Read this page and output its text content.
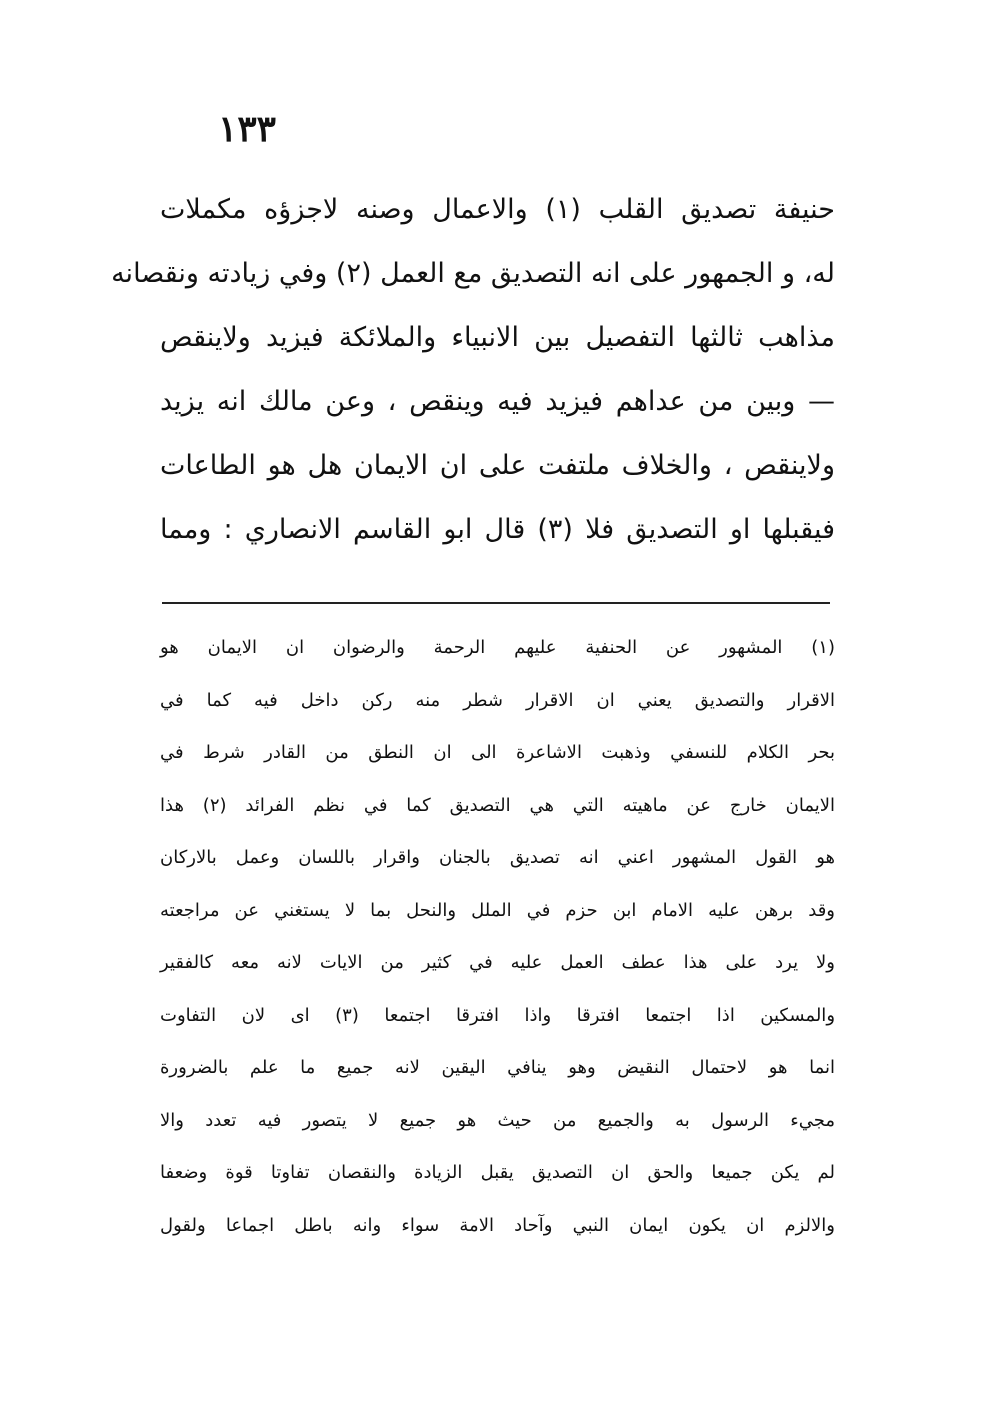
١٣٣
حنيفة تصديق القلب (١) والاعمال وصنه لاجزؤه مكملات
له، و الجمهور على انه التصديق مع العمل (٢) وفي زيادته ونقصانه
مذاهب ثالثها التفصيل بين الانبياء والملائكة فيزيد ولاينقص
— وبين من عداهم فيزيد فيه وينقص ، وعن مالك انه يزيد
ولاينقص ، والخلاف ملتفت على ان الايمان هل هو الطاعات
فيقبلها او التصديق فلا (٣) قال ابو القاسم الانصاري : ومما
(١) المشهور عن الحنفية عليهم الرحمة والرضوان ان الايمان هو
الاقرار والتصديق يعني ان الاقرار شطر منه ركن داخل فيه كما في
بحر الكلام للنسفي وذهبت الاشاعرة الى ان النطق من القادر شرط في
الايمان خارج عن ماهيته التي هي التصديق كما في نظم الفرائد (٢) هذا
هو القول المشهور اعني انه تصديق بالجنان واقرار باللسان وعمل بالاركان
وقد برهن عليه الامام ابن حزم في الملل والنحل بما لا يستغني عن مراجعته
ولا يرد على هذا عطف العمل عليه في كثير من الايات لانه معه كالفقير
والمسكين اذا اجتمعا افترقا واذا افترقا اجتمعا (٣) اى لان التفاوت
انما هو لاحتمال النقيض وهو ينافي اليقين لانه جميع ما علم بالضرورة
مجيء الرسول به والجميع من حيث هو جميع لا يتصور فيه تعدد والا
لم يكن جميعا والحق ان التصديق يقبل الزيادة والنقصان تفاوتا قوة وضعفا
والالزم ان يكون ايمان النبي وآحاد الامة سواء وانه باطل اجماعا ولقول
